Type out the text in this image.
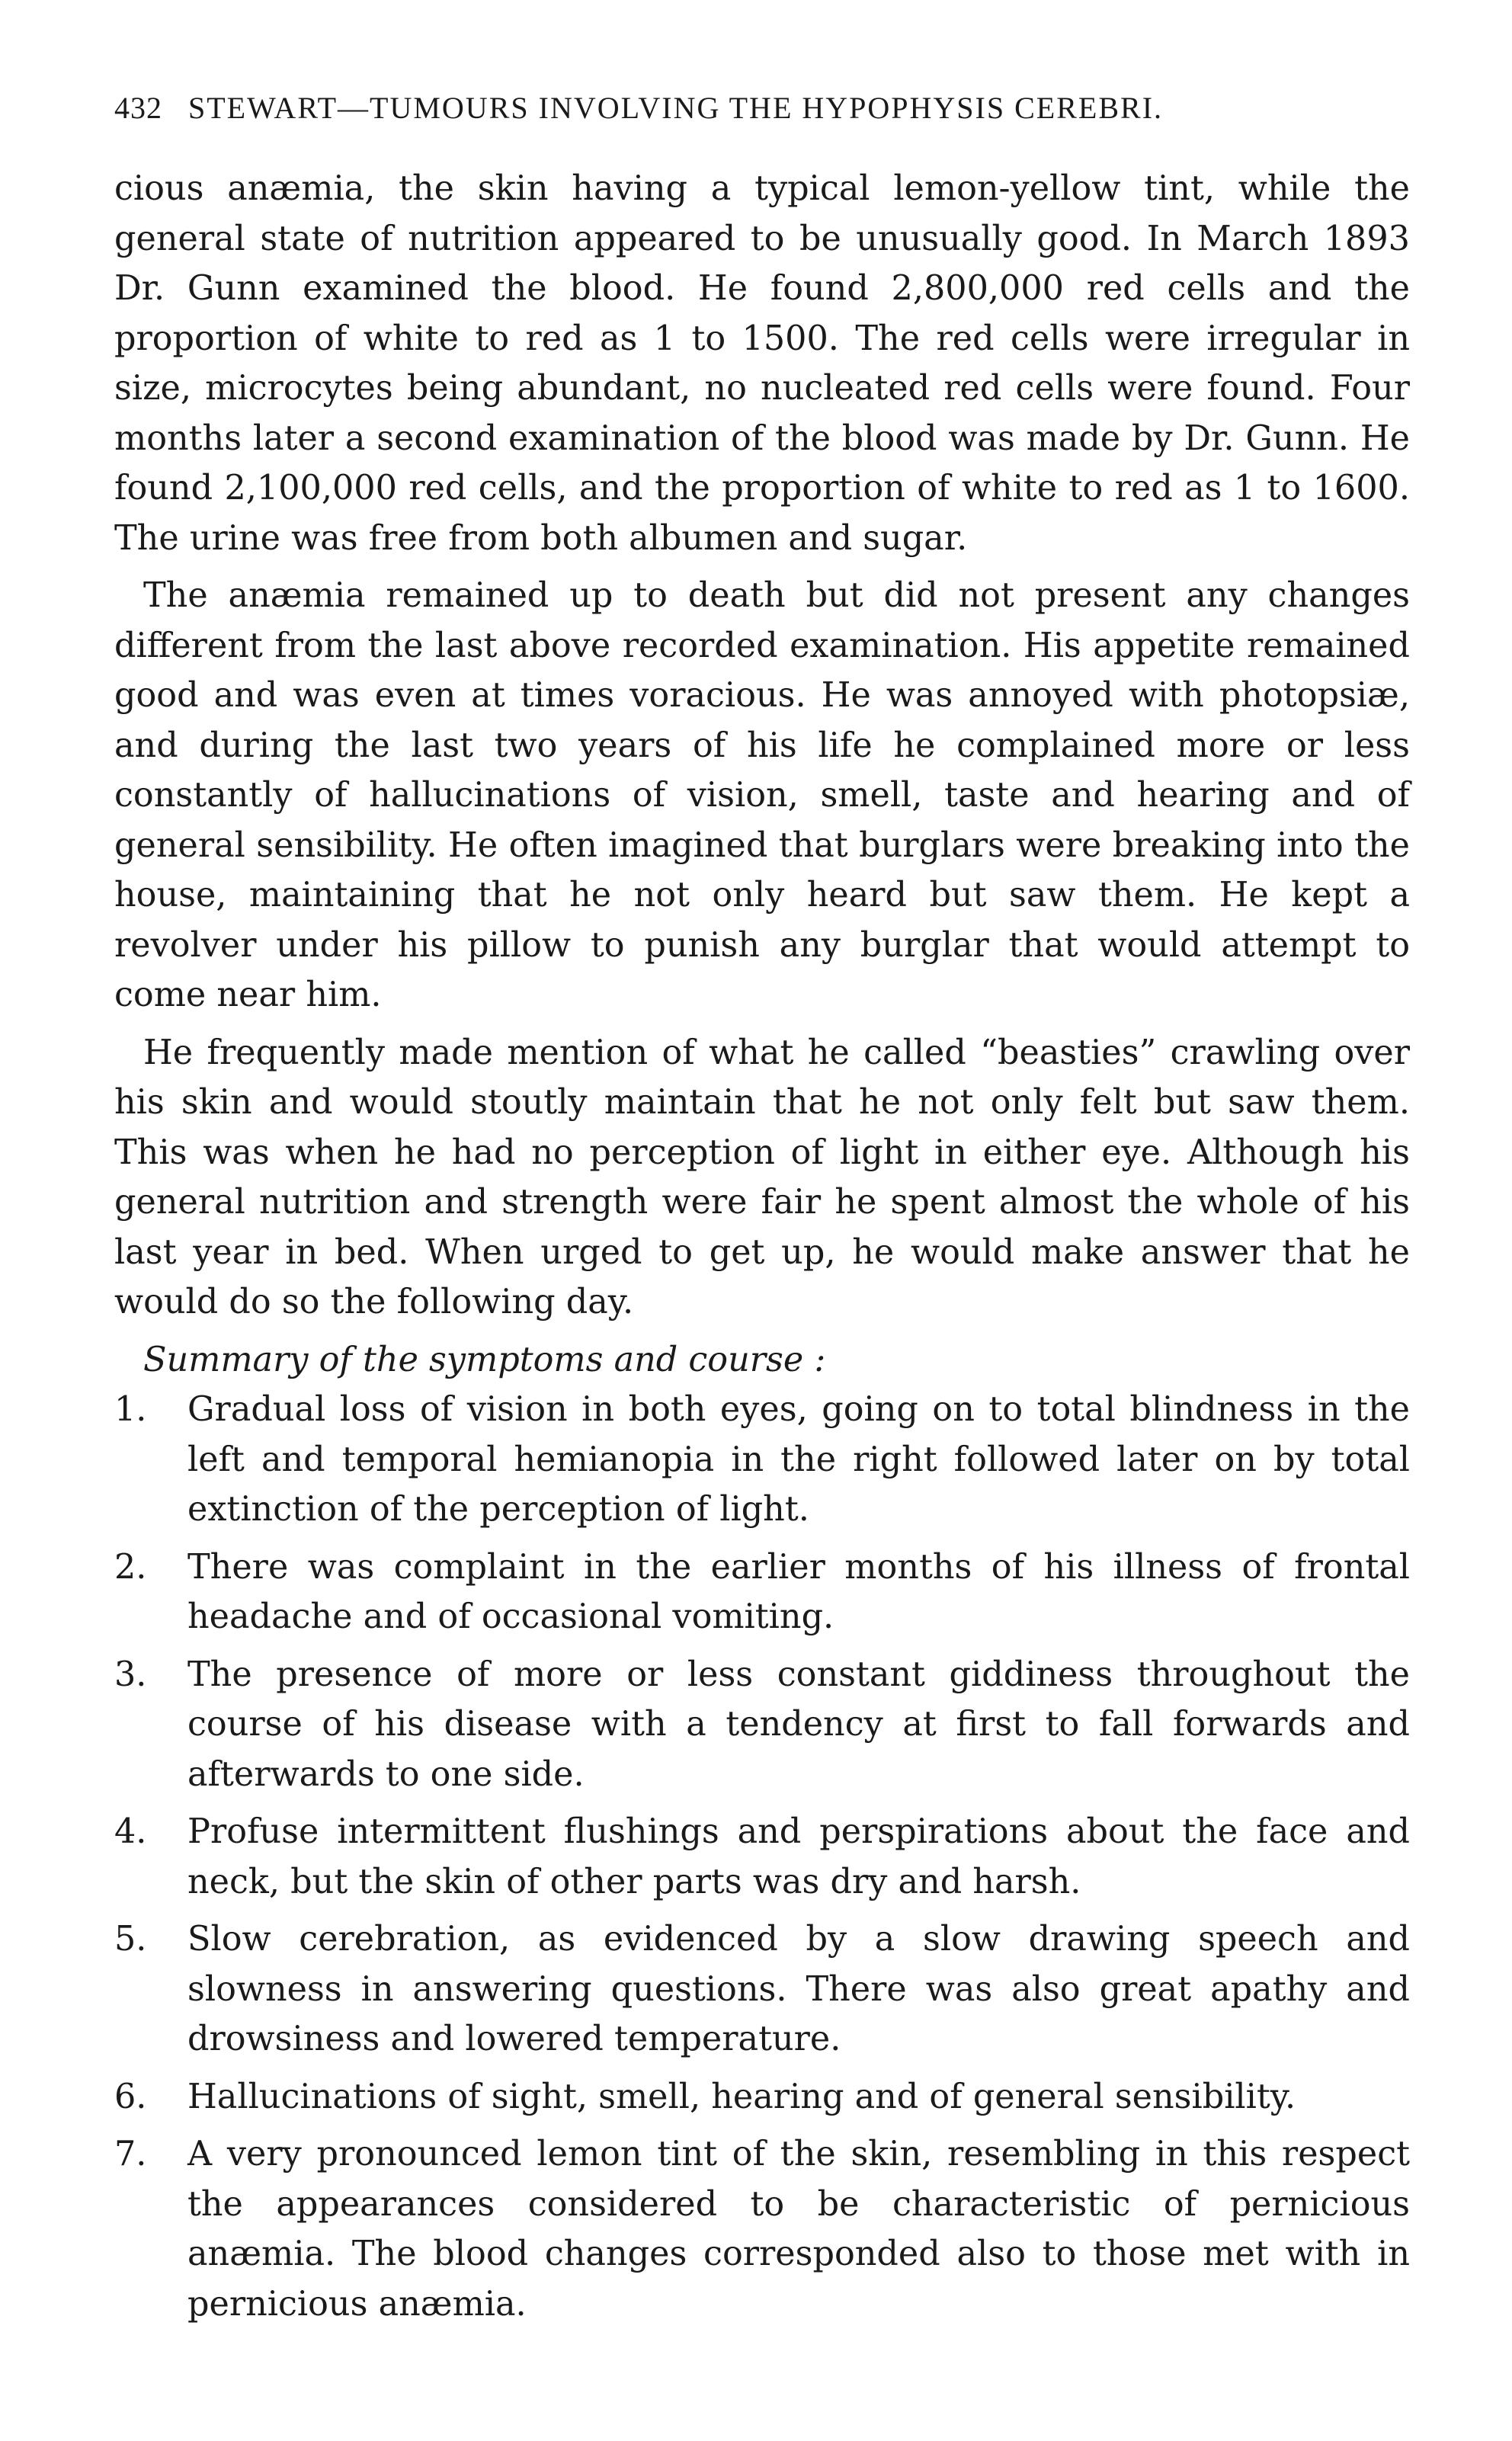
432 STEWART—TUMOURS INVOLVING THE HYPOPHYSIS CEREBRI.

cious anæmia, the skin having a typical lemon-yellow tint, while the general state of nutrition appeared to be unusually good. In March 1893 Dr. Gunn examined the blood. He found 2,800,000 red cells and the proportion of white to red as 1 to 1500. The red cells were irregular in size, microcytes being abundant, no nucleated red cells were found. Four months later a second examination of the blood was made by Dr. Gunn. He found 2,100,000 red cells, and the proportion of white to red as 1 to 1600. The urine was free from both albumen and sugar.

The anæmia remained up to death but did not present any changes different from the last above recorded examination. His appetite remained good and was even at times voracious. He was annoyed with photopsiæ, and during the last two years of his life he complained more or less constantly of hallucinations of vision, smell, taste and hearing and of general sensibility. He often imagined that burglars were breaking into the house, maintaining that he not only heard but saw them. He kept a revolver under his pillow to punish any burglar that would attempt to come near him.

He frequently made mention of what he called “beasties” crawling over his skin and would stoutly maintain that he not only felt but saw them. This was when he had no perception of light in either eye. Although his general nutrition and strength were fair he spent almost the whole of his last year in bed. When urged to get up, he would make answer that he would do so the following day.

Summary of the symptoms and course :
1.	Gradual loss of vision in both eyes, going on to total blindness in the left and temporal hemianopia in the right followed later on by total extinction of the perception of light.
2.	There was complaint in the earlier months of his illness of frontal headache and of occasional vomiting.
3.	The presence of more or less constant giddiness throughout the course of his disease with a tendency at first to fall forwards and afterwards to one side.
4.	Profuse intermittent flushings and perspirations about the face and neck, but the skin of other parts was dry and harsh.
5.	Slow cerebration, as evidenced by a slow drawing speech and slowness in answering questions. There was also great apathy and drowsiness and lowered temperature.
6.	Hallucinations of sight, smell, hearing and of general sensibility.
7.	A very pronounced lemon tint of the skin, resembling in this respect the appearances considered to be characteristic of pernicious anæmia. The blood changes corresponded also to those met with in pernicious anæmia.
